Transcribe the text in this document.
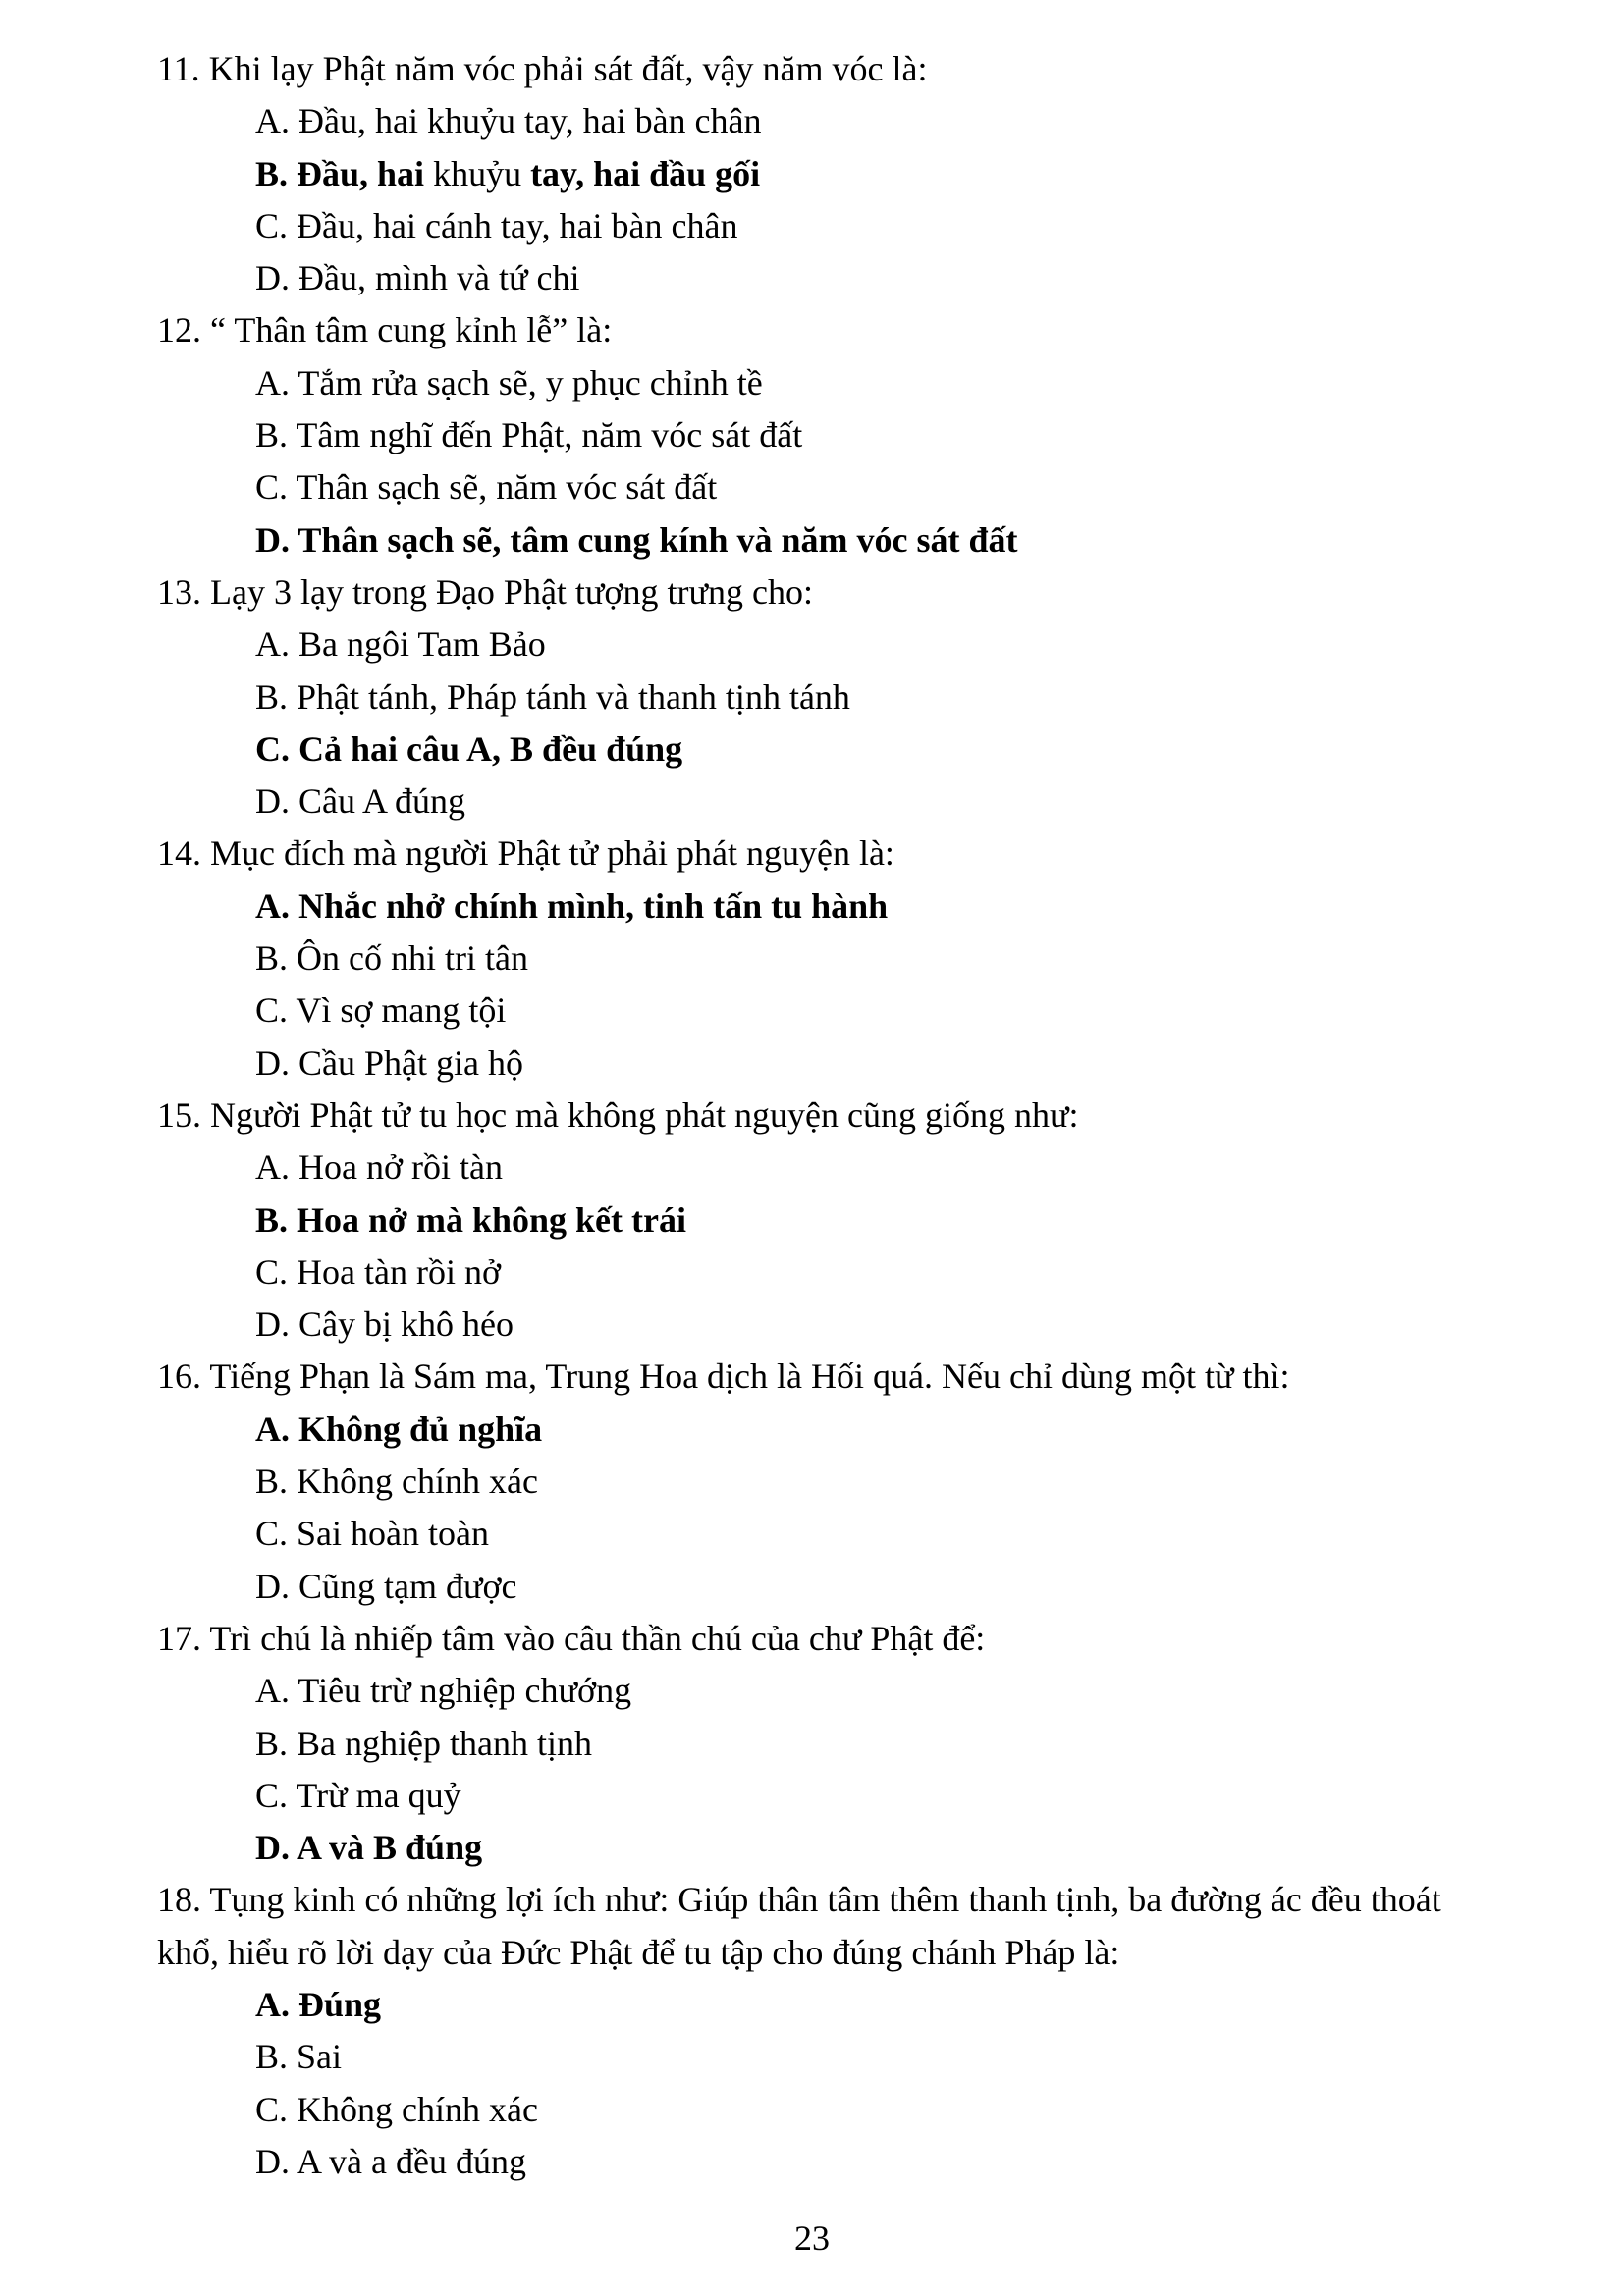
11. Khi lạy Phật năm vóc phải sát đất, vậy năm vóc là:
A. Đầu, hai khuỷu tay, hai bàn chân
B. Đầu, hai khuỷu tay, hai đầu gối
C. Đầu, hai cánh tay, hai bàn chân
D. Đầu, mình và tứ chi
12. “ Thân tâm cung kỉnh lễ” là:
A. Tắm rửa sạch sẽ, y phục chỉnh tề
B. Tâm nghĩ đến Phật, năm vóc sát đất
C. Thân sạch sẽ, năm vóc sát đất
D. Thân sạch sẽ, tâm cung kính và năm vóc sát đất
13. Lạy 3 lạy trong Đạo Phật tượng trưng cho:
A. Ba ngôi Tam Bảo
B. Phật tánh, Pháp tánh và thanh tịnh tánh
C. Cả hai câu A, B đều đúng
D. Câu A đúng
14. Mục đích mà người Phật tử phải phát nguyện là:
A. Nhắc nhở chính mình, tinh tấn tu hành
B. Ôn cố nhi tri tân
C. Vì sợ mang tội
D. Cầu Phật gia hộ
15. Người Phật tử tu học mà không phát nguyện cũng giống như:
A. Hoa nở rồi tàn
B. Hoa nở mà không kết trái
C. Hoa tàn rồi nở
D. Cây bị khô héo
16. Tiếng Phạn là Sám ma, Trung Hoa dịch là Hối quá. Nếu chỉ dùng một từ thì:
A. Không đủ nghĩa
B. Không chính xác
C. Sai hoàn toàn
D. Cũng tạm được
17. Trì chú là nhiếp tâm vào câu thần chú của chư Phật để:
A. Tiêu trừ nghiệp chướng
B. Ba nghiệp thanh tịnh
C. Trừ ma quỷ
D. A và B đúng
18. Tụng kinh có những lợi ích như: Giúp thân tâm thêm thanh tịnh, ba đường ác đều thoát khổ, hiểu rõ lời dạy của Đức Phật để tu tập cho đúng chánh Pháp là:
A. Đúng
B. Sai
C. Không chính xác
D. A và a đều đúng
23
